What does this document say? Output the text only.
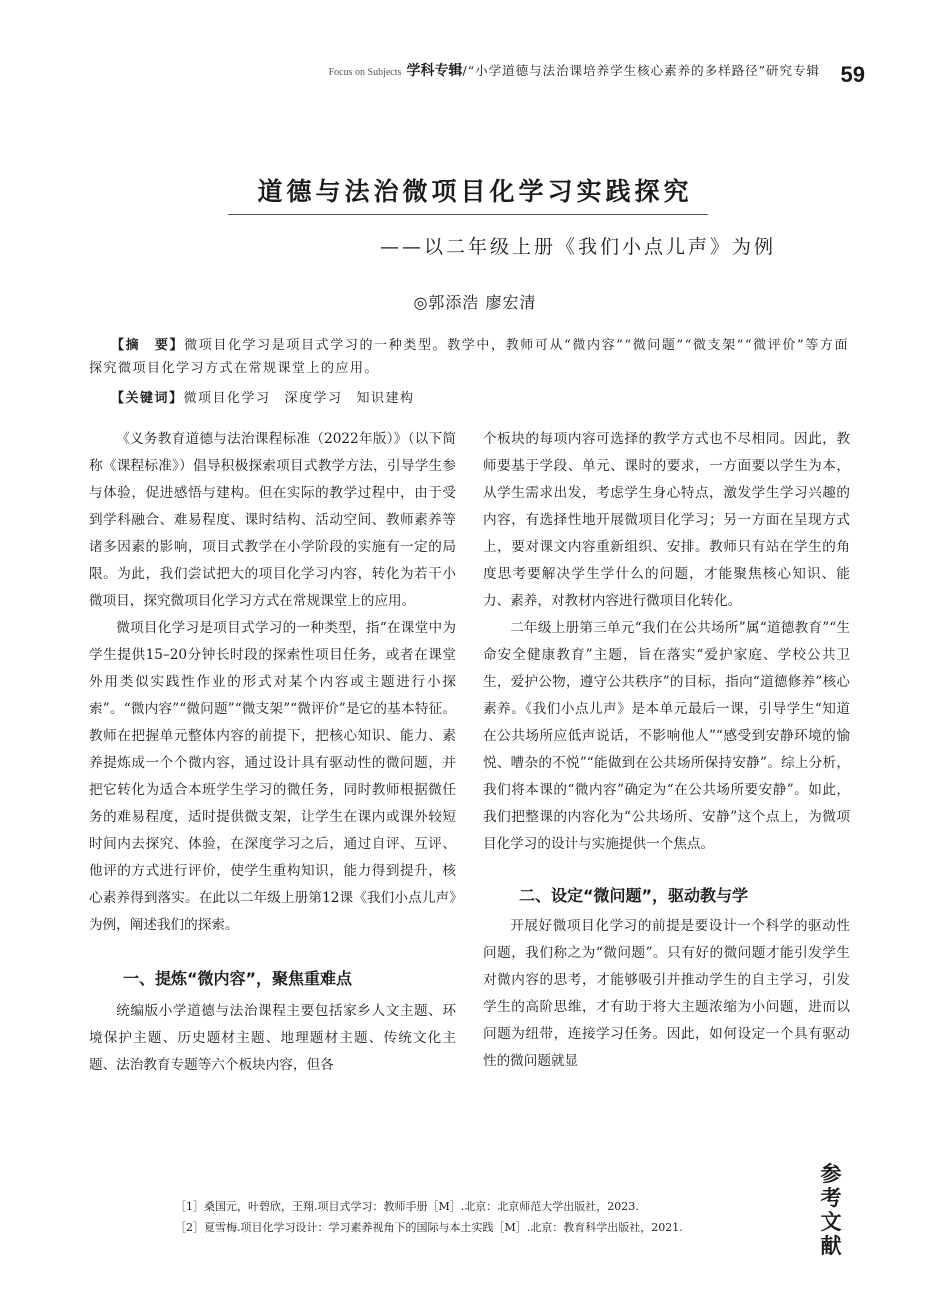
Focus on Subjects 学科专辑/“小学道德与法治课培养学生核心素养的多样路径”研究专辑 59
道德与法治微项目化学习实践探究
——以二年级上册《我们小点儿声》为例
◎郭添浩 廖宏清
【摘　要】微项目化学习是项目式学习的一种类型。教学中，教师可从“微内容”“微问题”“微支架”“微评价”等方面探究微项目化学习方式在常规课堂上的应用。
【关键词】微项目化学习 深度学习 知识建构

《义务教育道德与法治课程标准（2022年版）》（以下简称《课程标准》）倡导积极探索项目式教学方法，引导学生参与体验，促进感悟与建构。但在实际的教学过程中，由于受到学科融合、难易程度、课时结构、活动空间、教师素养等诸多因素的影响，项目式教学在小学阶段的实施有一定的局限。为此，我们尝试把大的项目化学习内容，转化为若干小微项目，探究微项目化学习方式在常规课堂上的应用。

微项目化学习是项目式学习的一种类型，指“在课堂中为学生提供15–20分钟长时段的探索性项目任务，或者在课堂外用类似实践性作业的形式对某个内容或主题进行小探索”。“微内容”“微问题”“微支架”“微评价”是它的基本特征。教师在把握单元整体内容的前提下，把核心知识、能力、素养提炼成一个个微内容，通过设计具有驱动性的微问题，并把它转化为适合本班学生学习的微任务，同时教师根据微任务的难易程度，适时提供微支架，让学生在课内或课外较短时间内去探究、体验，在深度学习之后，通过自评、互评、他评的方式进行评价，使学生重构知识，能力得到提升，核心素养得到落实。在此以二年级上册第12课《我们小点儿声》为例，阐述我们的探索。

一、提炼“微内容”，聚焦重难点

统编版小学道德与法治课程主要包括家乡人文主题、环境保护主题、历史题材主题、地理题材主题、传统文化主题、法治教育专题等六个板块内容，但各

个板块的每项内容可选择的教学方式也不尽相同。因此，教师要基于学段、单元、课时的要求，一方面要以学生为本，从学生需求出发，考虑学生身心特点，激发学生学习兴趣的内容，有选择性地开展微项目化学习；另一方面在呈现方式上，要对课文内容重新组织、安排。教师只有站在学生的角度思考要解决学生学什么的问题，才能聚焦核心知识、能力、素养，对教材内容进行微项目化转化。

二年级上册第三单元“我们在公共场所”属“道德教育”“生命安全健康教育”主题，旨在落实“爱护家庭、学校公共卫生，爱护公物，遵守公共秩序”的目标，指向“道德修养”核心素养。《我们小点儿声》是本单元最后一课，引导学生“知道在公共场所应低声说话，不影响他人”“感受到安静环境的愉悦、嘈杂的不悦”“能做到在公共场所保持安静”。综上分析，我们将本课的“微内容”确定为“在公共场所要安静”。如此，我们把整课的内容化为“公共场所、安静”这个点上，为微项目化学习的设计与实施提供一个焦点。

二、设定“微问题”，驱动教与学

开展好微项目化学习的前提是要设计一个科学的驱动性问题，我们称之为“微问题”。只有好的微问题才能引发学生对微内容的思考，才能够吸引并推动学生的自主学习，引发学生的高阶思维，才有助于将大主题浓缩为小问题，进而以问题为纽带，连接学习任务。因此，如何设定一个具有驱动性的微问题就显

［1］桑国元，叶碧欣，王翔.项目式学习：教师手册［M］.北京：北京师范大学出版社，2023.
［2］夏雪梅.项目化学习设计：学习素养视角下的国际与本土实践［M］.北京：教育科学出版社，2021.
参考文献
